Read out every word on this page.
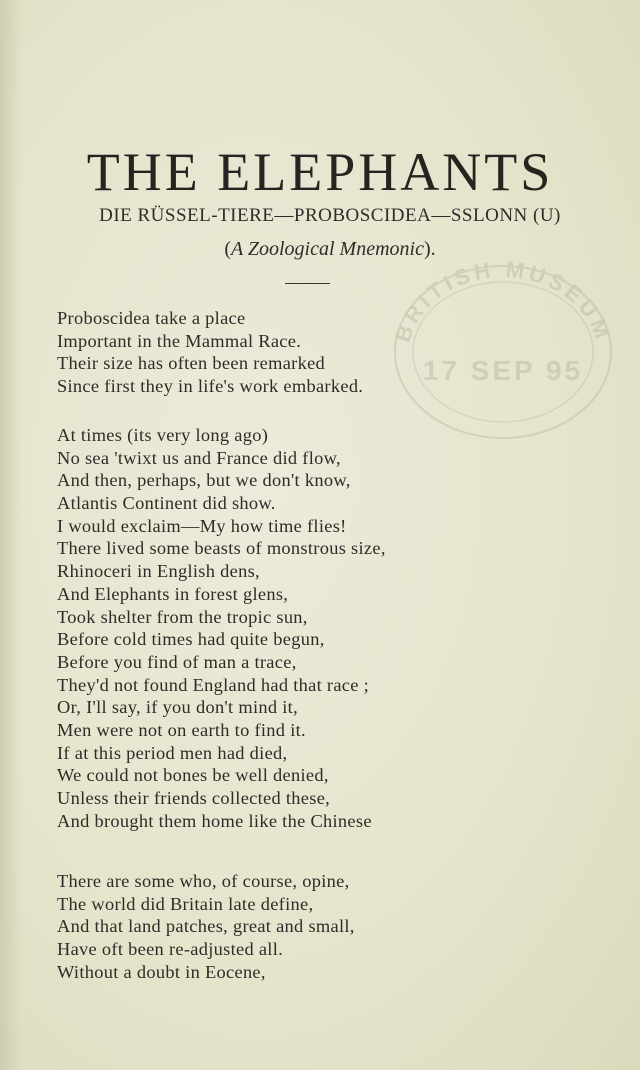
BRITISH MUSEUM
17 SEP 95
THE ELEPHANTS
DIE RÜSSEL-TIERE—PROBOSCIDEA—SSLONN (U)
(A Zoological Mnemonic).
Proboscidea take a place
Important in the Mammal Race.
Their size has often been remarked
Since first they in life's work embarked.
At times (its very long ago)
No sea 'twixt us and France did flow,
And then, perhaps, but we don't know,
Atlantis Continent did show.
I would exclaim—My how time flies!
There lived some beasts of monstrous size,
Rhinoceri in English dens,
And Elephants in forest glens,
Took shelter from the tropic sun,
Before cold times had quite begun,
Before you find of man a trace,
They'd not found England had that race ;
Or, I'll say, if you don't mind it,
Men were not on earth to find it.
If at this period men had died,
We could not bones be well denied,
Unless their friends collected these,
And brought them home like the Chinese
There are some who, of course, opine,
The world did Britain late define,
And that land patches, great and small,
Have oft been re-adjusted all.
Without a doubt in Eocene,
